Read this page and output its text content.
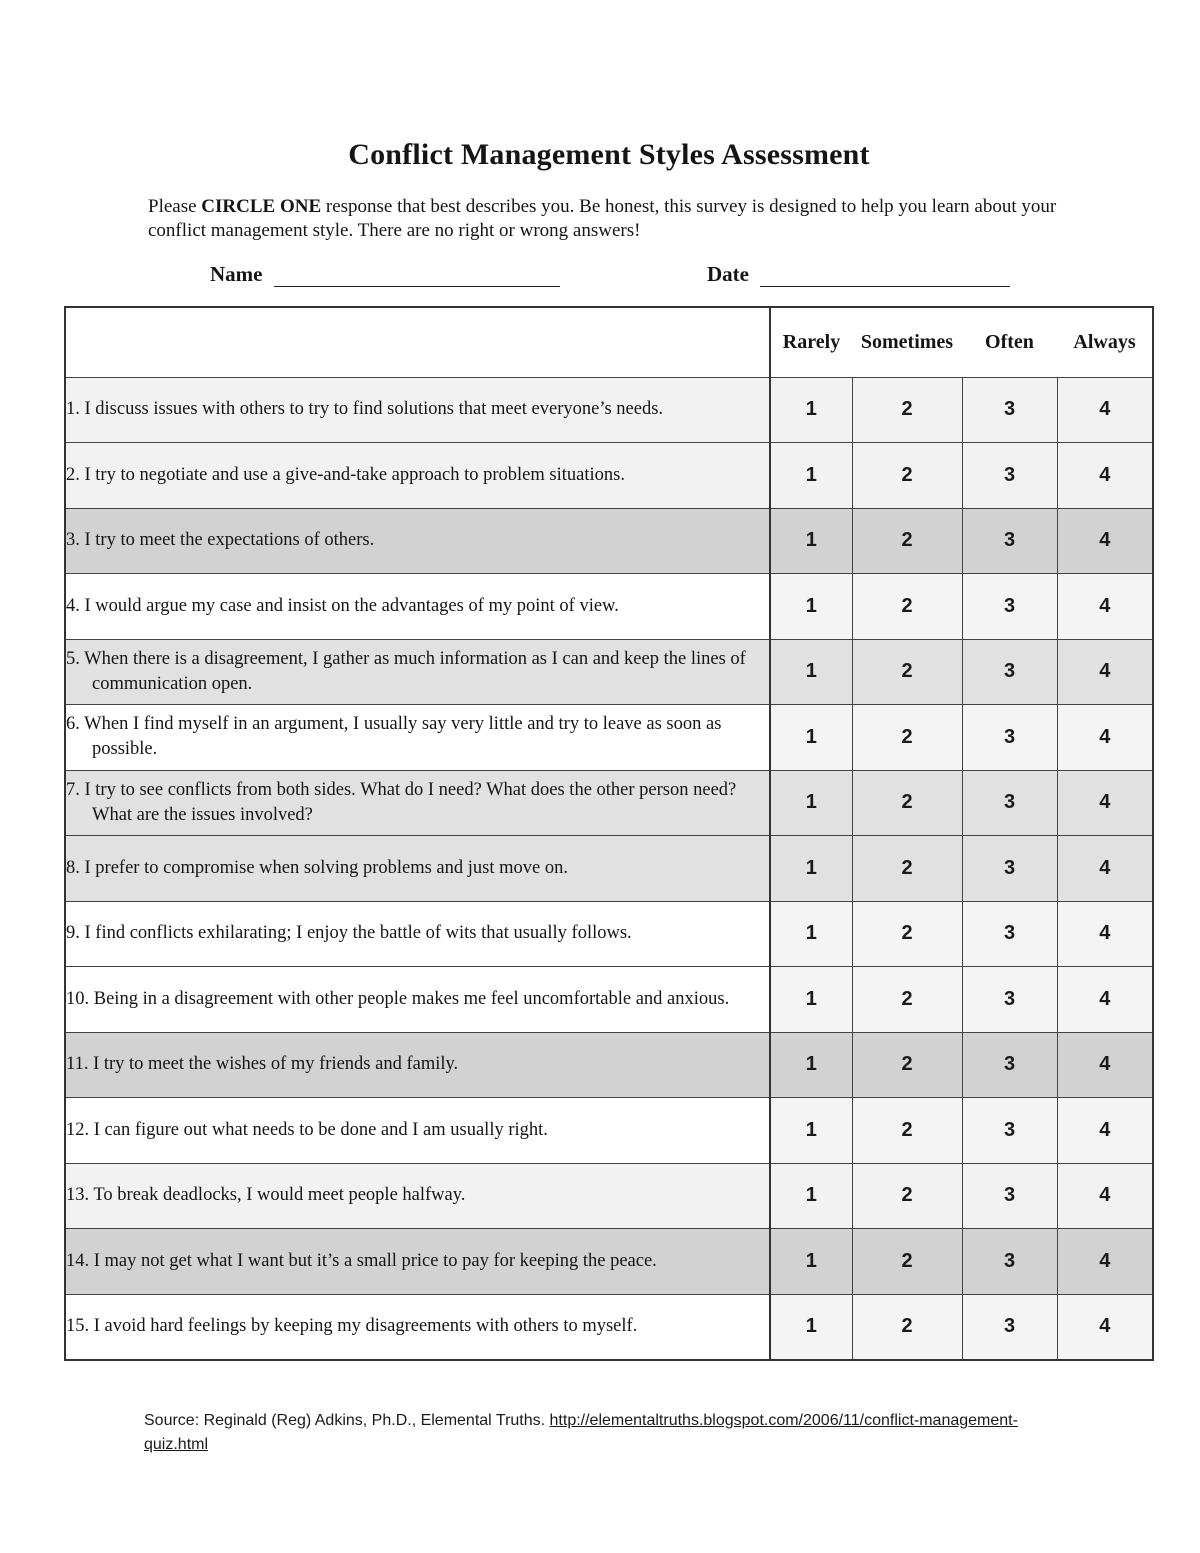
Conflict Management Styles Assessment
Please CIRCLE ONE response that best describes you. Be honest, this survey is designed to help you learn about your conflict management style. There are no right or wrong answers!
Name	Date
	Rarely	Sometimes	Often	Always

1. I discuss issues with others to try to find solutions that meet everyone’s needs.	1	2	3	4

2. I try to negotiate and use a give-and-take approach to problem situations.	1	2	3	4

3. I try to meet the expectations of others.	1	2	3	4

4. I would argue my case and insist on the advantages of my point of view.	1	2	3	4

5. When there is a disagreement, I gather as much information as I can and keep the lines of communication open.	1	2	3	4

6. When I find myself in an argument, I usually say very little and try to leave as soon as possible.	1	2	3	4

7. I try to see conflicts from both sides. What do I need? What does the other person need? What are the issues involved?	1	2	3	4

8. I prefer to compromise when solving problems and just move on.	1	2	3	4

9. I find conflicts exhilarating; I enjoy the battle of wits that usually follows.	1	2	3	4

10. Being in a disagreement with other people makes me feel uncomfortable and anxious.	1	2	3	4

11. I try to meet the wishes of my friends and family.	1	2	3	4

12. I can figure out what needs to be done and I am usually right.	1	2	3	4

13. To break deadlocks, I would meet people halfway.	1	2	3	4

14. I may not get what I want but it’s a small price to pay for keeping the peace.	1	2	3	4

15. I avoid hard feelings by keeping my disagreements with others to myself.	1	2	3	4
Source: Reginald (Reg) Adkins, Ph.D., Elemental Truths. http://elementaltruths.blogspot.com/2006/11/conflict-management-quiz.html
